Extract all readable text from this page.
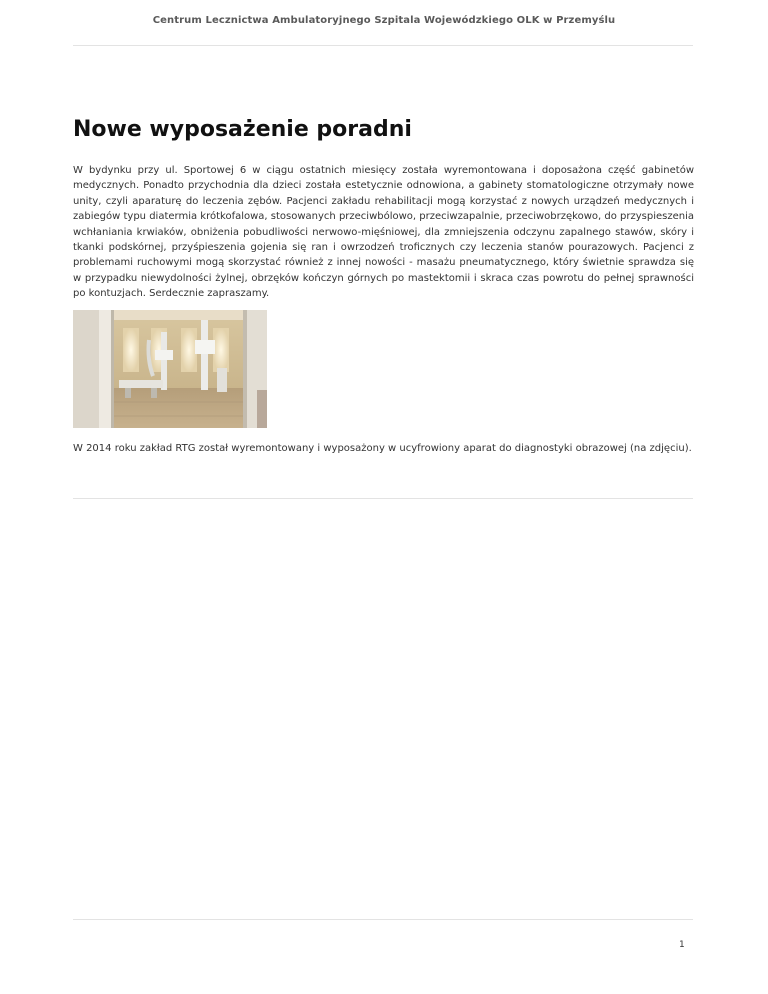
Centrum Lecznictwa Ambulatoryjnego Szpitala Wojewódzkiego OLK w Przemyślu
Nowe wyposażenie poradni

W bydynku przy ul. Sportowej 6 w ciągu ostatnich miesięcy została wyremontowana i doposażona część gabinetów medycznych. Ponadto przychodnia dla dzieci została estetycznie odnowiona, a gabinety stomatologiczne otrzymały nowe unity, czyli aparaturę do leczenia zębów. Pacjenci zakładu rehabilitacji mogą korzystać z nowych urządzeń medycznych i zabiegów typu diatermia krótkofalowa, stosowanych przeciwbólowo, przeciwzapalnie, przeciwobrzękowo, do przyspieszenia wchłaniania krwiaków, obniżenia pobudliwości nerwowo-mięśniowej, dla zmniejszenia odczynu zapalnego stawów, skóry i tkanki podskórnej, przyśpieszenia gojenia się ran i owrzodzeń troficznych czy leczenia stanów pourazowych. Pacjenci z problemami ruchowymi mogą skorzystać również z innej nowości - masażu pneumatycznego, który świetnie sprawdza się w przypadku niewydolności żylnej, obrzęków kończyn górnych po mastektomii i skraca czas powrotu do pełnej sprawności po kontuzjach. Serdecznie zapraszamy.

W 2014 roku zakład RTG został wyremontowany i wyposażony w ucyfrowiony aparat do diagnostyki obrazowej (na zdjęciu).

1
